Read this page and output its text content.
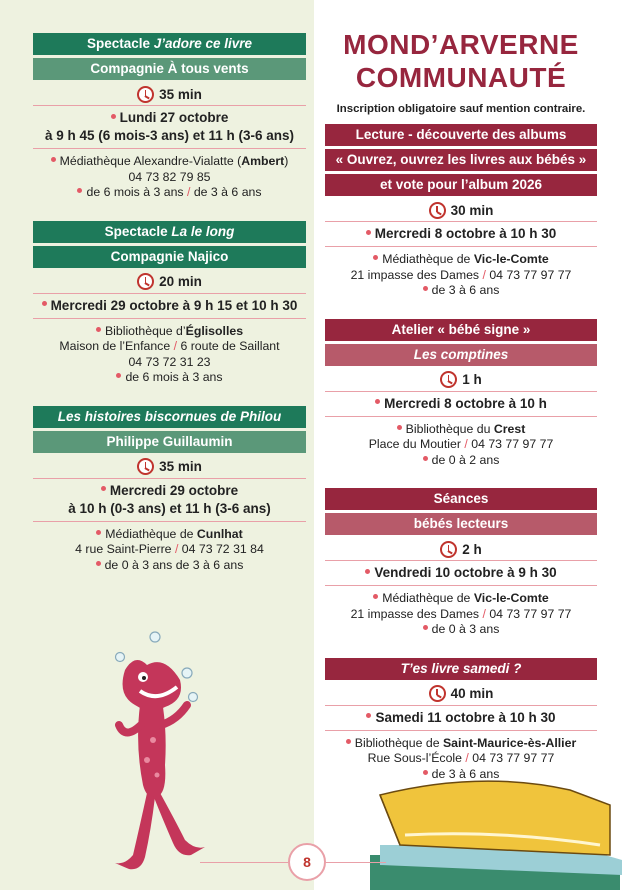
Spectacle J’adore ce livre
Compagnie À tous vents
35 min
Lundi 27 octobre
à 9 h 45 (6 mois-3 ans) et 11 h (3-6 ans)
Médiathèque Alexandre-Vialatte (Ambert)
04 73 82 79 85
de 6 mois à 3 ans / de 3 à 6 ans
Spectacle La le long
Compagnie Najico
20 min
Mercredi 29 octobre à 9 h 15 et 10 h 30
Bibliothèque d’Églisolles
Maison de l’Enfance / 6 route de Saillant
04 73 72 31 23
de 6 mois à 3 ans
Les histoires biscornues de Philou
Philippe Guillaumin
35 min
Mercredi 29 octobre
à 10 h (0-3 ans) et 11 h (3-6 ans)
Médiathèque de Cunlhat
4 rue Saint-Pierre / 04 73 72 31 84
de 0 à 3 ans de 3 à 6 ans
MOND’ARVERNE
COMMUNAUTÉ
Inscription obligatoire sauf mention contraire.
Lecture - découverte des albums
« Ouvrez, ouvrez les livres aux bébés »
et vote pour l’album 2026
30 min
Mercredi 8 octobre à 10 h 30
Médiathèque de Vic-le-Comte
21 impasse des Dames / 04 73 77 97 77
de 3 à 6 ans
Atelier « bébé signe »
Les comptines
1 h
Mercredi 8 octobre à 10 h
Bibliothèque du Crest
Place du Moutier / 04 73 77 97 77
de 0 à 2 ans
Séances
bébés lecteurs
2 h
Vendredi 10 octobre à 9 h 30
Médiathèque de Vic-le-Comte
21 impasse des Dames / 04 73 77 97 77
de 0 à 3 ans
T’es livre samedi ?
40 min
Samedi 11 octobre à 10 h 30
Bibliothèque de Saint-Maurice-ès-Allier
Rue Sous-l’École / 04 73 77 97 77
de 3 à 6 ans
8
